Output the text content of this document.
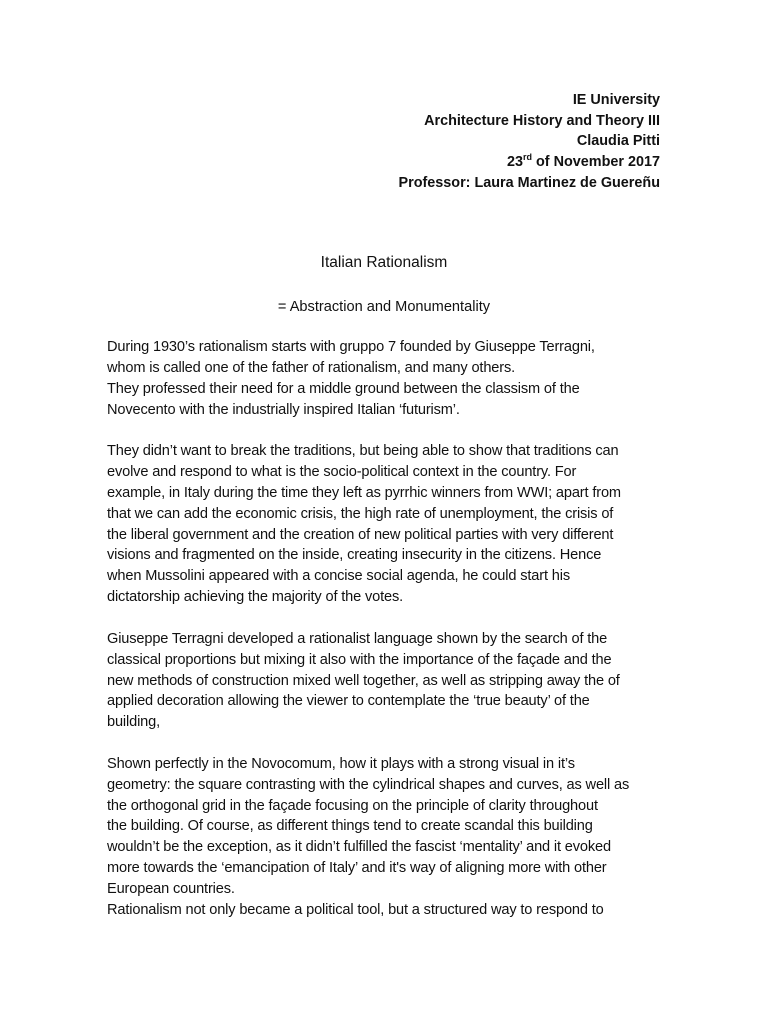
IE University
Architecture History and Theory III
Claudia Pitti
23rd of November 2017
Professor: Laura Martinez de Guereñu
Italian Rationalism
= Abstraction and Monumentality
During 1930’s rationalism starts with gruppo 7 founded by Giuseppe Terragni,
whom is called one of the father of rationalism, and many others.
They professed their need for a middle ground between the classism of the
Novecento with the industrially inspired Italian ‘futurism’.
They didn’t want to break the traditions, but being able to show that traditions can
evolve and respond to what is the socio-political context in the country. For
example, in Italy during the time they left as pyrrhic winners from WWI; apart from
that we can add the economic crisis, the high rate of unemployment, the crisis of
the liberal government and the creation of new political parties with very different
visions and fragmented on the inside, creating insecurity in the citizens. Hence
when Mussolini appeared with a concise social agenda, he could start his
dictatorship achieving the majority of the votes.
Giuseppe Terragni developed a rationalist language shown by the search of the
classical proportions but mixing it also with the importance of the façade and the
new methods of construction mixed well together, as well as stripping away the of
applied decoration allowing the viewer to contemplate the ‘true beauty’ of the
building,
Shown perfectly in the Novocomum, how it plays with a strong visual in it’s
geometry: the square contrasting with the cylindrical shapes and curves, as well as
the orthogonal grid in the façade focusing on the principle of clarity throughout
the building. Of course, as different things tend to create scandal this building
wouldn’t be the exception, as it didn’t fulfilled the fascist ‘mentality’ and it evoked
more towards the ‘emancipation of Italy’ and it's way of aligning more with other
European countries.
Rationalism not only became a political tool, but a structured way to respond to
